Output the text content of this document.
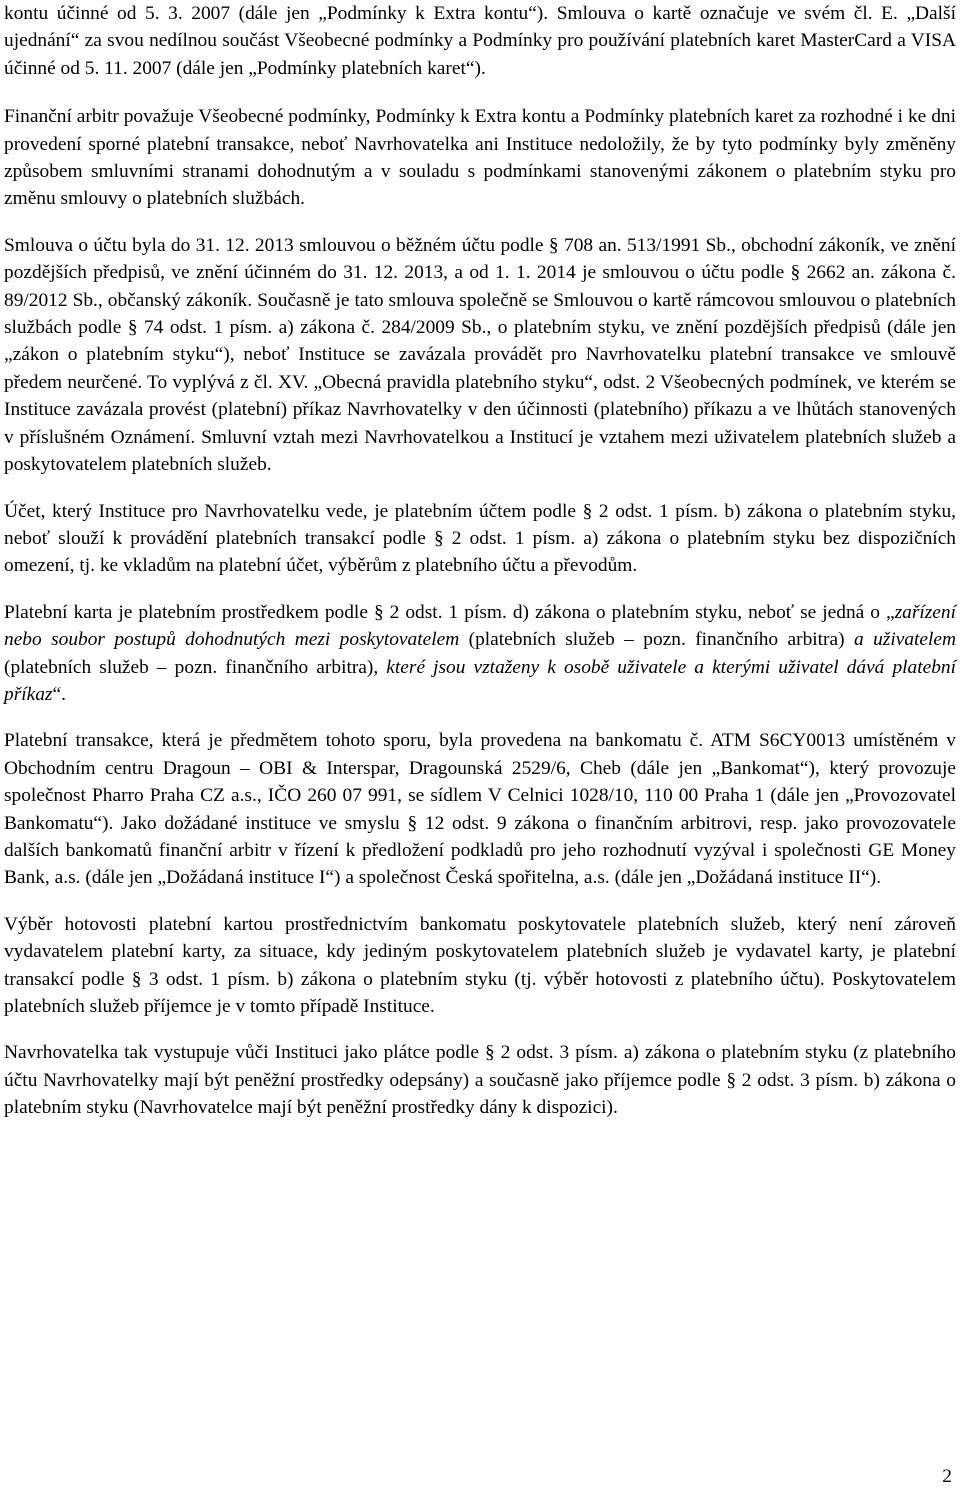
kontu účinné od 5. 3. 2007 (dále jen „Podmínky k Extra kontu“). Smlouva o kartě označuje ve svém čl. E. „Další ujednání“ za svou nedílnou součást Všeobecné podmínky a Podmínky pro používání platebních karet MasterCard a VISA účinné od 5. 11. 2007 (dále jen „Podmínky platebních karet“).

Finanční arbitr považuje Všeobecné podmínky, Podmínky k Extra kontu a Podmínky platebních karet za rozhodné i ke dni provedení sporné platební transakce, neboť Navrhovatelka ani Instituce nedoložily, že by tyto podmínky byly změněny způsobem smluvními stranami dohodnutým a v souladu s podmínkami stanovenými zákonem o platebním styku pro změnu smlouvy o platebních službách.

Smlouva o účtu byla do 31. 12. 2013 smlouvou o běžném účtu podle § 708 an. 513/1991 Sb., obchodní zákoník, ve znění pozdějších předpisů, ve znění účinném do 31. 12. 2013, a od 1. 1. 2014 je smlouvou o účtu podle § 2662 an. zákona č. 89/2012 Sb., občanský zákoník. Současně je tato smlouva společně se Smlouvou o kartě rámcovou smlouvou o platebních službách podle § 74 odst. 1 písm. a) zákona č. 284/2009 Sb., o platebním styku, ve znění pozdějších předpisů (dále jen „zákon o platebním styku“), neboť Instituce se zavázala provádět pro Navrhovatelku platební transakce ve smlouvě předem neurčené. To vyplývá z čl. XV. „Obecná pravidla platebního styku“, odst. 2 Všeobecných podmínek, ve kterém se Instituce zavázala provést (platební) příkaz Navrhovatelky v den účinnosti (platebního) příkazu a ve lhůtách stanovených v příslušném Oznámení. Smluvní vztah mezi Navrhovatelkou a Institucí je vztahem mezi uživatelem platebních služeb a poskytovatelem platebních služeb.

Účet, který Instituce pro Navrhovatelku vede, je platebním účtem podle § 2 odst. 1 písm. b) zákona o platebním styku, neboť slouží k provádění platebních transakcí podle § 2 odst. 1 písm. a) zákona o platebním styku bez dispozičních omezení, tj. ke vkladům na platební účet, výběrům z platebního účtu a převodům.

Platební karta je platebním prostředkem podle § 2 odst. 1 písm. d) zákona o platebním styku, neboť se jedná o „zařízení nebo soubor postupů dohodnutých mezi poskytovatelem (platebních služeb – pozn. finančního arbitra) a uživatelem (platebních služeb – pozn. finančního arbitra), které jsou vztaženy k osobě uživatele a kterými uživatel dává platební příkaz“.

Platební transakce, která je předmětem tohoto sporu, byla provedena na bankomatu č. ATM S6CY0013 umístěném v Obchodním centru Dragoun – OBI & Interspar, Dragounská 2529/6, Cheb (dále jen „Bankomat“), který provozuje společnost Pharro Praha CZ a.s., IČO 260 07 991, se sídlem V Celnici 1028/10, 110 00 Praha 1 (dále jen „Provozovatel Bankomatu“). Jako dožádané instituce ve smyslu § 12 odst. 9 zákona o finančním arbitrovi, resp. jako provozovatele dalších bankomatů finanční arbitr v řízení k předložení podkladů pro jeho rozhodnutí vyzýval i společnosti GE Money Bank, a.s. (dále jen „Dožádaná instituce I“) a společnost Česká spořitelna, a.s. (dále jen „Dožádaná instituce II“).

Výběr hotovosti platební kartou prostřednictvím bankomatu poskytovatele platebních služeb, který není zároveň vydavatelem platební karty, za situace, kdy jediným poskytovatelem platebních služeb je vydavatel karty, je platební transakcí podle § 3 odst. 1 písm. b) zákona o platebním styku (tj. výběr hotovosti z platebního účtu). Poskytovatelem platebních služeb příjemce je v tomto případě Instituce.

Navrhovatelka tak vystupuje vůči Instituci jako plátce podle § 2 odst. 3 písm. a) zákona o platebním styku (z platebního účtu Navrhovatelky mají být peněžní prostředky odepsány) a současně jako příjemce podle § 2 odst. 3 písm. b) zákona o platebním styku (Navrhovatelce mají být peněžní prostředky dány k dispozici).

2
